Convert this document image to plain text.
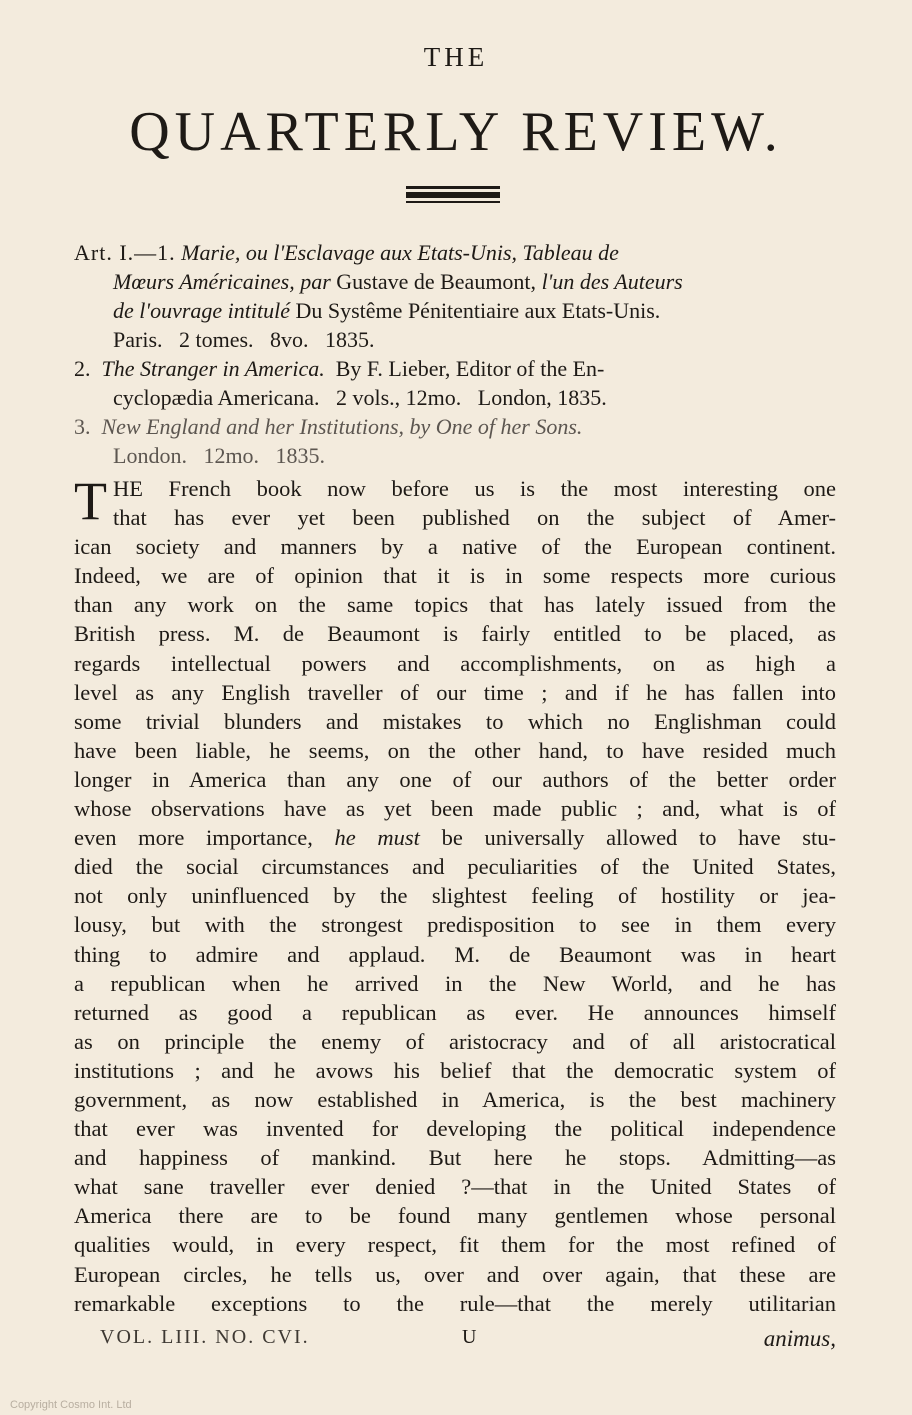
THE
QUARTERLY REVIEW.
Art. I.—1. Marie, ou l'Esclavage aux Etats-Unis, Tableau de
Mœurs Américaines, par Gustave de Beaumont, l'un des Auteurs
de l'ouvrage intitulé Du Systême Pénitentiaire aux Etats-Unis.
Paris.   2 tomes.   8vo.   1835.
2. The Stranger in America. By F. Lieber, Editor of the En-
cyclopædia Americana.   2 vols., 12mo.   London, 1835.
3. New England and her Institutions, by One of her Sons.
London.   12mo.   1835.
T HE French book now before us is the most interesting one
that has ever yet been published on the subject of Amer-
ican society and manners by a native of the European continent.
Indeed, we are of opinion that it is in some respects more curious
than any work on the same topics that has lately issued from the
British press. M. de Beaumont is fairly entitled to be placed, as
regards intellectual powers and accomplishments, on as high a
level as any English traveller of our time ; and if he has fallen into
some trivial blunders and mistakes to which no Englishman could
have been liable, he seems, on the other hand, to have resided much
longer in America than any one of our authors of the better order
whose observations have as yet been made public ; and, what is of
even more importance, he must be universally allowed to have stu-
died the social circumstances and peculiarities of the United States,
not only uninfluenced by the slightest feeling of hostility or jea-
lousy, but with the strongest predisposition to see in them every
thing to admire and applaud. M. de Beaumont was in heart
a republican when he arrived in the New World, and he has
returned as good a republican as ever. He announces himself
as on principle the enemy of aristocracy and of all aristocratical
institutions ; and he avows his belief that the democratic system of
government, as now established in America, is the best machinery
that ever was invented for developing the political independence
and happiness of mankind. But here he stops. Admitting—as
what sane traveller ever denied ?—that in the United States of
America there are to be found many gentlemen whose personal
qualities would, in every respect, fit them for the most refined of
European circles, he tells us, over and over again, that these are
remarkable exceptions to the rule—that the merely utilitarian
VOL. LIII. NO. CVI.	U	animus,
Copyright Cosmo Int. Ltd
